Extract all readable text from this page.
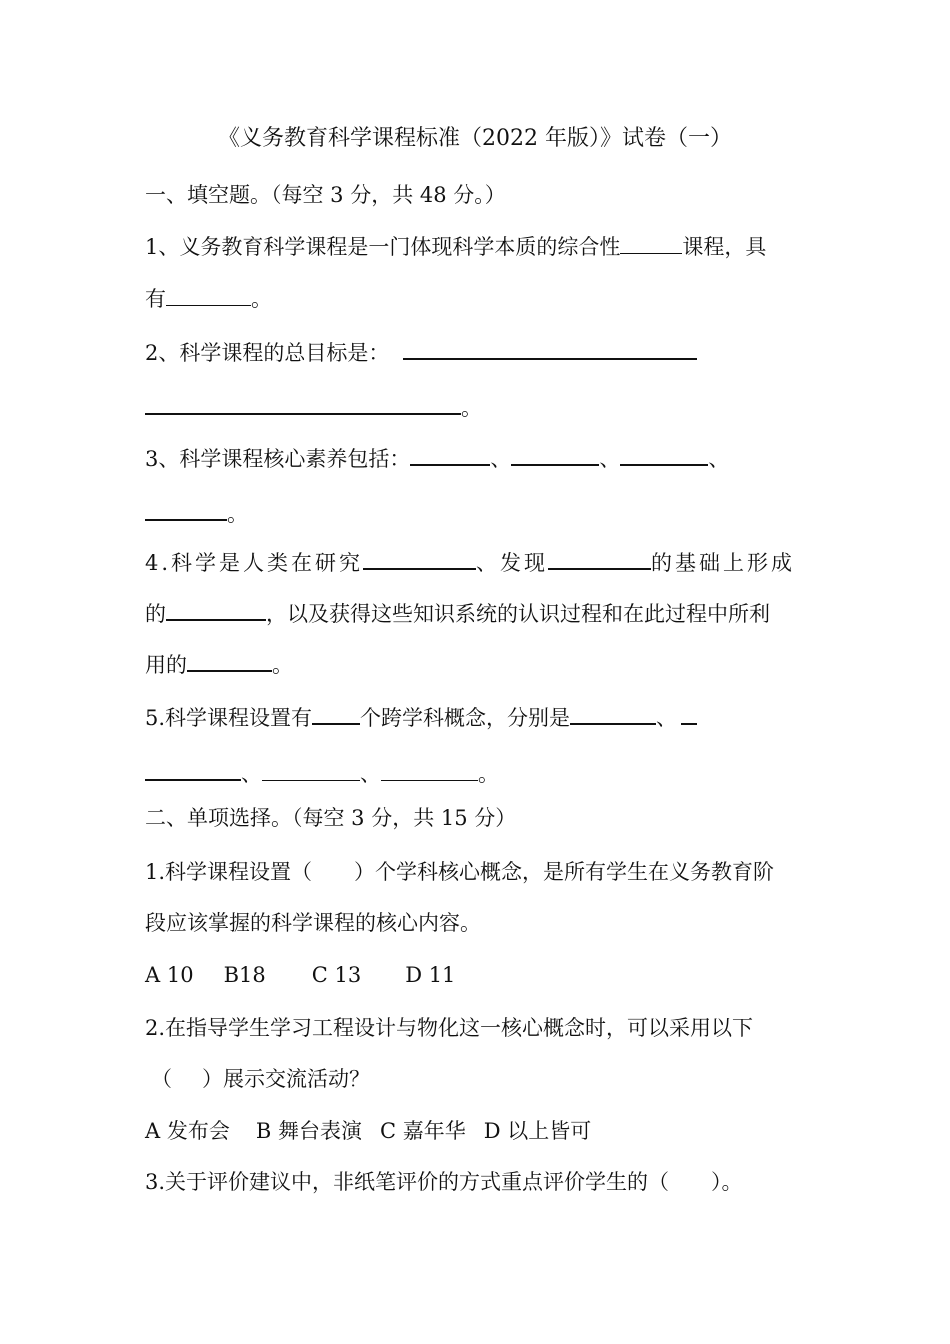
《义务教育科学课程标准（2022 年版）》试卷（一）
一、填空题。（每空 3 分，共 48 分。）
1、义务教育科学课程是一门体现科学本质的综合性	课程，具
有	。
2、科学课程的总目标是：
。
3、科学课程核心素养包括：	、	、	、
。
4.科学是人类在研究	、发现	的基础上形成
的	，以及获得这些知识系统的认识过程和在此过程中所利
用的	。
5.科学课程设置有 个跨学科概念，分别是	、
、	、	。
二、单项选择。（每空 3 分，共 15 分）
1.科学课程设置（ ）个学科核心概念，是所有学生在义务教育阶
段应该掌握的科学课程的核心内容。
A 10 B18 C 13 D 11
2.在指导学生学习工程设计与物化这一核心概念时，可以采用以下
（ ）展示交流活动？
A 发布会 B 舞台表演 C 嘉年华 D 以上皆可
3.关于评价建议中，非纸笔评价的方式重点评价学生的（ ）。
